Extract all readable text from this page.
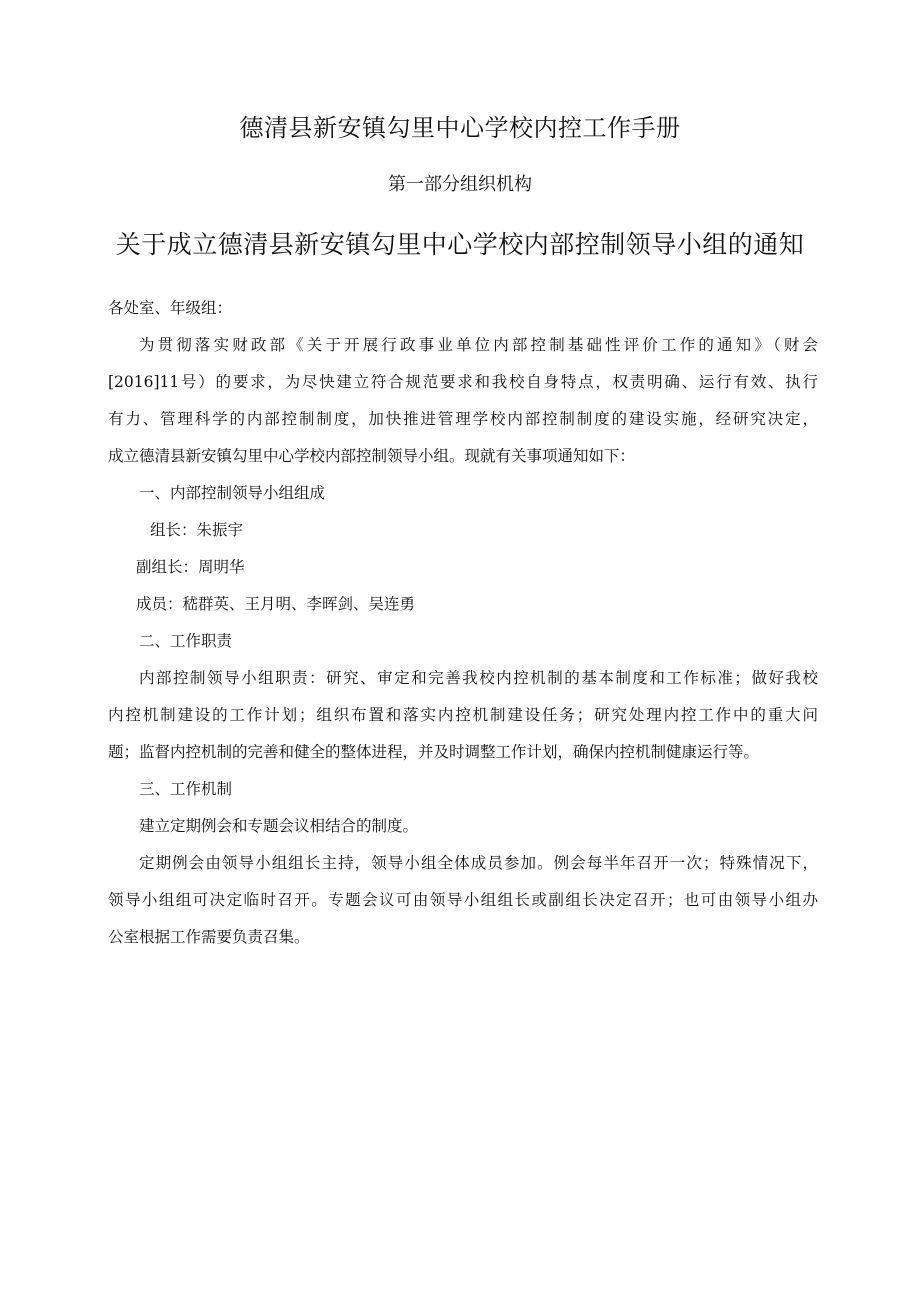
德清县新安镇勾里中心学校内控工作手册
第一部分组织机构
关于成立德清县新安镇勾里中心学校内部控制领导小组的通知
各处室、年级组：
为贯彻落实财政部《关于开展行政事业单位内部控制基础性评价工作的通知》（财会
[2016]11号）的要求，为尽快建立符合规范要求和我校自身特点，权责明确、运行有效、执行
有力、管理科学的内部控制制度，加快推进管理学校内部控制制度的建设实施，经研究决定，
成立德清县新安镇勾里中心学校内部控制领导小组。现就有关事项通知如下：
一、内部控制领导小组组成
组长：朱振宇
副组长：周明华
成员：嵇群英、王月明、李晖剑、吴连勇
二、工作职责
内部控制领导小组职责：研究、审定和完善我校内控机制的基本制度和工作标准；做好我校
内控机制建设的工作计划；组织布置和落实内控机制建设任务；研究处理内控工作中的重大问
题；监督内控机制的完善和健全的整体进程，并及时调整工作计划，确保内控机制健康运行等。
三、工作机制
建立定期例会和专题会议相结合的制度。
定期例会由领导小组组长主持，领导小组全体成员参加。例会每半年召开一次；特殊情况下，
领导小组组可决定临时召开。专题会议可由领导小组组长或副组长决定召开；也可由领导小组办
公室根据工作需要负责召集。
